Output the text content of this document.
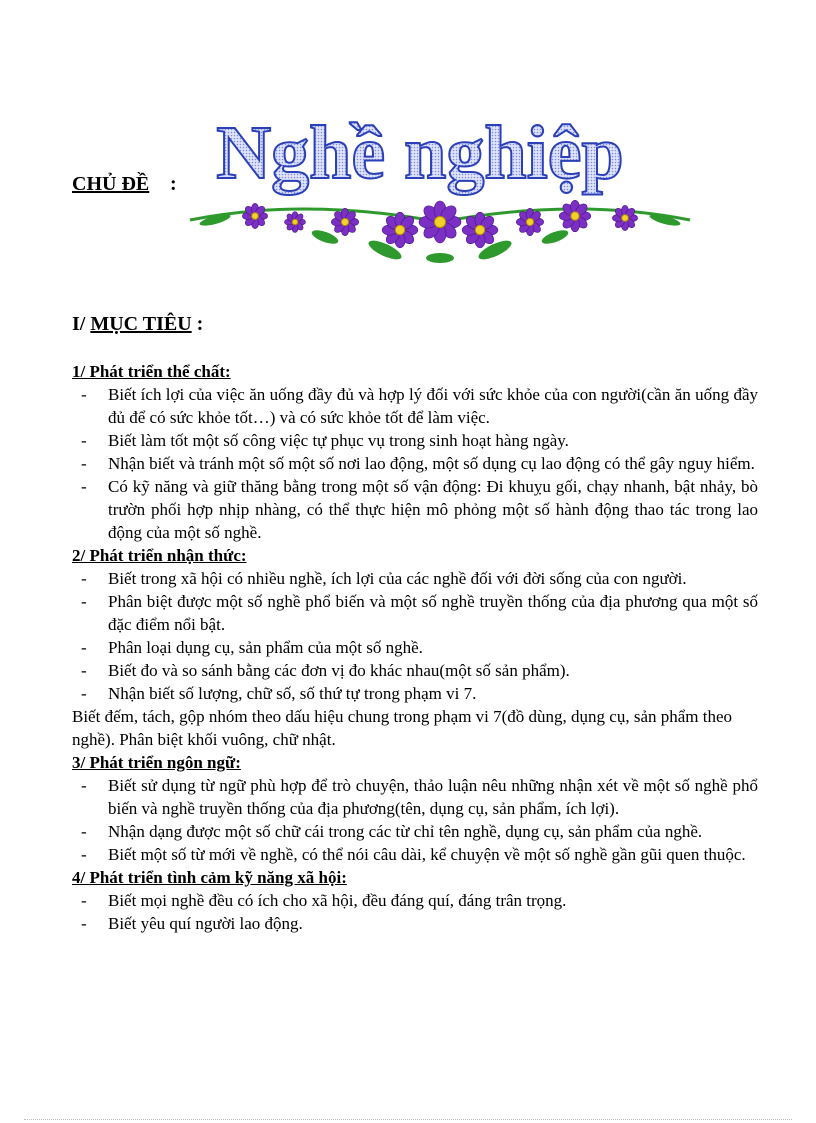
CHỦ ĐỀ : Nghề nghiệp
I/ MỤC TIÊU :

1/ Phát triển thể chất:

- Biết ích lợi của việc ăn uống đầy đủ và hợp lý đối với sức khỏe của con người(cần ăn uống đầy đủ để có sức khỏe tốt…) và có sức khỏe tốt để làm việc.
- Biết làm tốt một số công việc tự phục vụ trong sinh hoạt hàng ngày.
- Nhận biết và tránh một số một số nơi lao động, một số dụng cụ lao động có thể gây nguy hiểm.
- Có kỹ năng và giữ thăng bằng trong một số vận động: Đi khuỵu gối, chạy nhanh, bật nhảy, bò trườn phối hợp nhịp nhàng, có thể thực hiện mô phỏng một số hành động thao tác trong lao động của một số nghề.

2/ Phát triển nhận thức:

- Biết trong xã hội có nhiều nghề, ích lợi của các nghề đối với đời sống của con người.
- Phân biệt được một số nghề phổ biến và một số nghề truyền thống của địa phương qua một số đặc điểm nổi bật.
- Phân loại dụng cụ, sản phẩm của một số nghề.
- Biết đo và so sánh bằng các đơn vị đo khác nhau(một số sản phẩm).
- Nhận biết số lượng, chữ số, số thứ tự trong phạm vi 7.

Biết đếm, tách, gộp nhóm theo dấu hiệu chung trong phạm vi 7(đồ dùng, dụng cụ, sản phẩm theo nghề). Phân biệt khối vuông, chữ nhật.

3/ Phát triển ngôn ngữ:

- Biết sử dụng từ ngữ phù hợp để trò chuyện, thảo luận nêu những nhận xét về một số nghề phổ biến và nghề truyền thống của địa phương(tên, dụng cụ, sản phẩm, ích lợi).
- Nhận dạng được một số chữ cái trong các từ chỉ tên nghề, dụng cụ, sản phẩm của nghề.
- Biết một số từ mới về nghề, có thể nói câu dài, kể chuyện về một số nghề gần gũi quen thuộc.

4/ Phát triển tình cảm kỹ năng xã hội:

- Biết mọi nghề đều có ích cho xã hội, đều đáng quí, đáng trân trọng.
- Biết yêu quí người lao động.
